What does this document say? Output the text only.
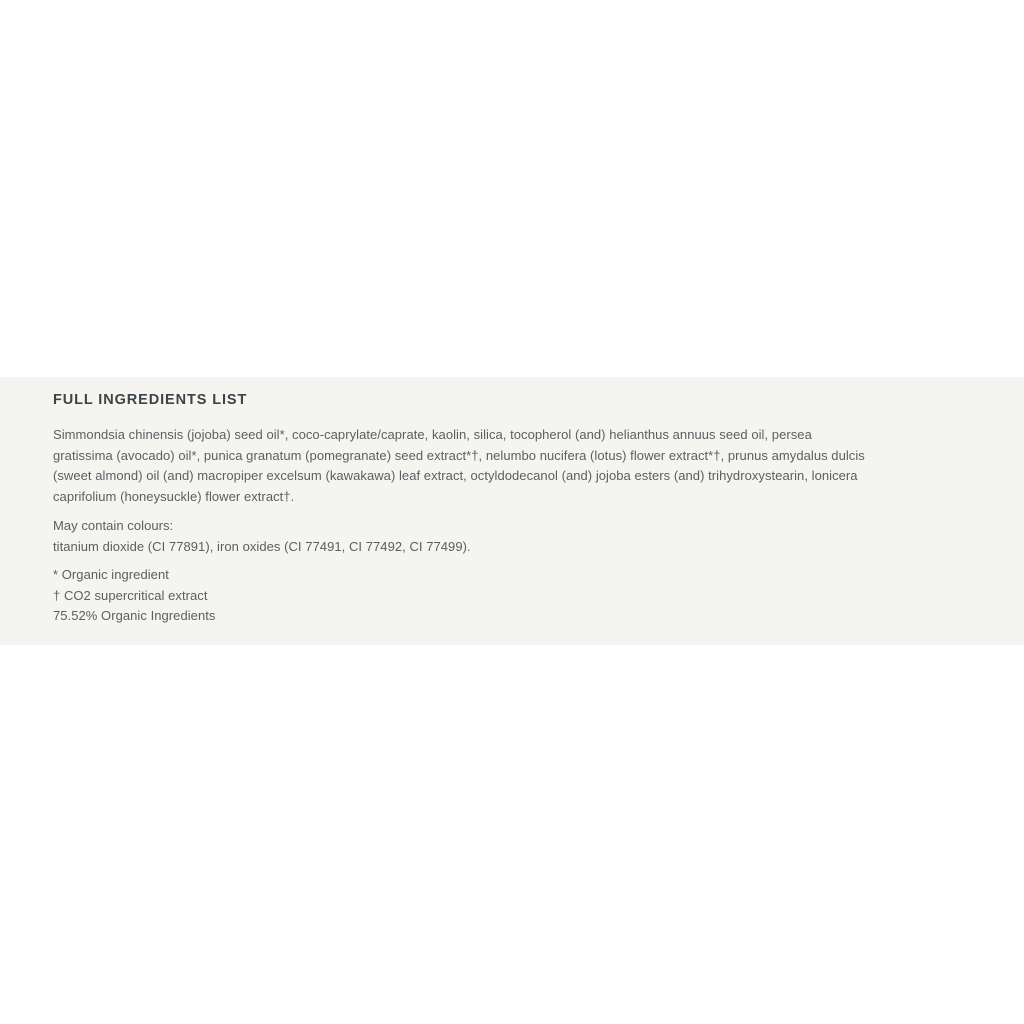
FULL INGREDIENTS LIST

Simmondsia chinensis (jojoba) seed oil*, coco-caprylate/caprate, kaolin, silica, tocopherol (and) helianthus annuus seed oil, persea
gratissima (avocado) oil*, punica granatum (pomegranate) seed extract*†, nelumbo nucifera (lotus) flower extract*†, prunus amydalus dulcis
(sweet almond) oil (and) macropiper excelsum (kawakawa) leaf extract, octyldodecanol (and) jojoba esters (and) trihydroxystearin, lonicera
caprifolium (honeysuckle) flower extract†.

May contain colours:
titanium dioxide (CI 77891), iron oxides (CI 77491, CI 77492, CI 77499).

* Organic ingredient
† CO2 supercritical extract
75.52% Organic Ingredients
